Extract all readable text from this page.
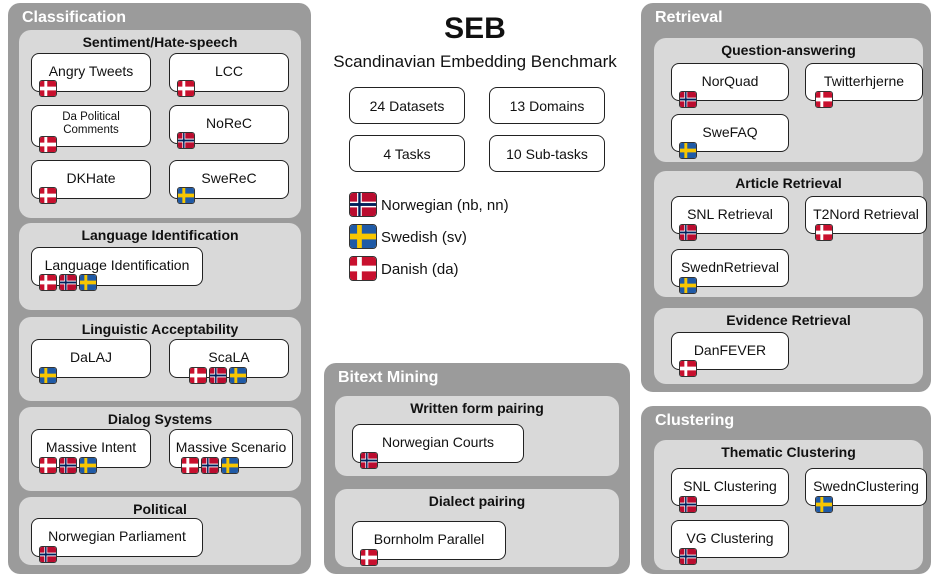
SEB
Scandinavian Embedding Benchmark
24 Datasets	13 Domains
4 Tasks	10 Sub-tasks
Norwegian (nb, nn)
Swedish (sv)
Danish (da)
Classification
Sentiment/Hate-speech
Angry Tweets	LCC
Da Political Comments	NoReC
DKHate	SweReC
Language Identification
Language Identification
Linguistic Acceptability
DaLAJ	ScaLA
Dialog Systems
Massive Intent	Massive Scenario
Political
Norwegian Parliament
Bitext Mining
Written form pairing
Norwegian Courts
Dialect pairing
Bornholm Parallel
Retrieval
Question-answering
NorQuad	Twitterhjerne
SweFAQ
Article Retrieval
SNL Retrieval	T2Nord Retrieval
SwednRetrieval
Evidence Retrieval
DanFEVER
Clustering
Thematic Clustering
SNL Clustering	SwednClustering
VG Clustering
